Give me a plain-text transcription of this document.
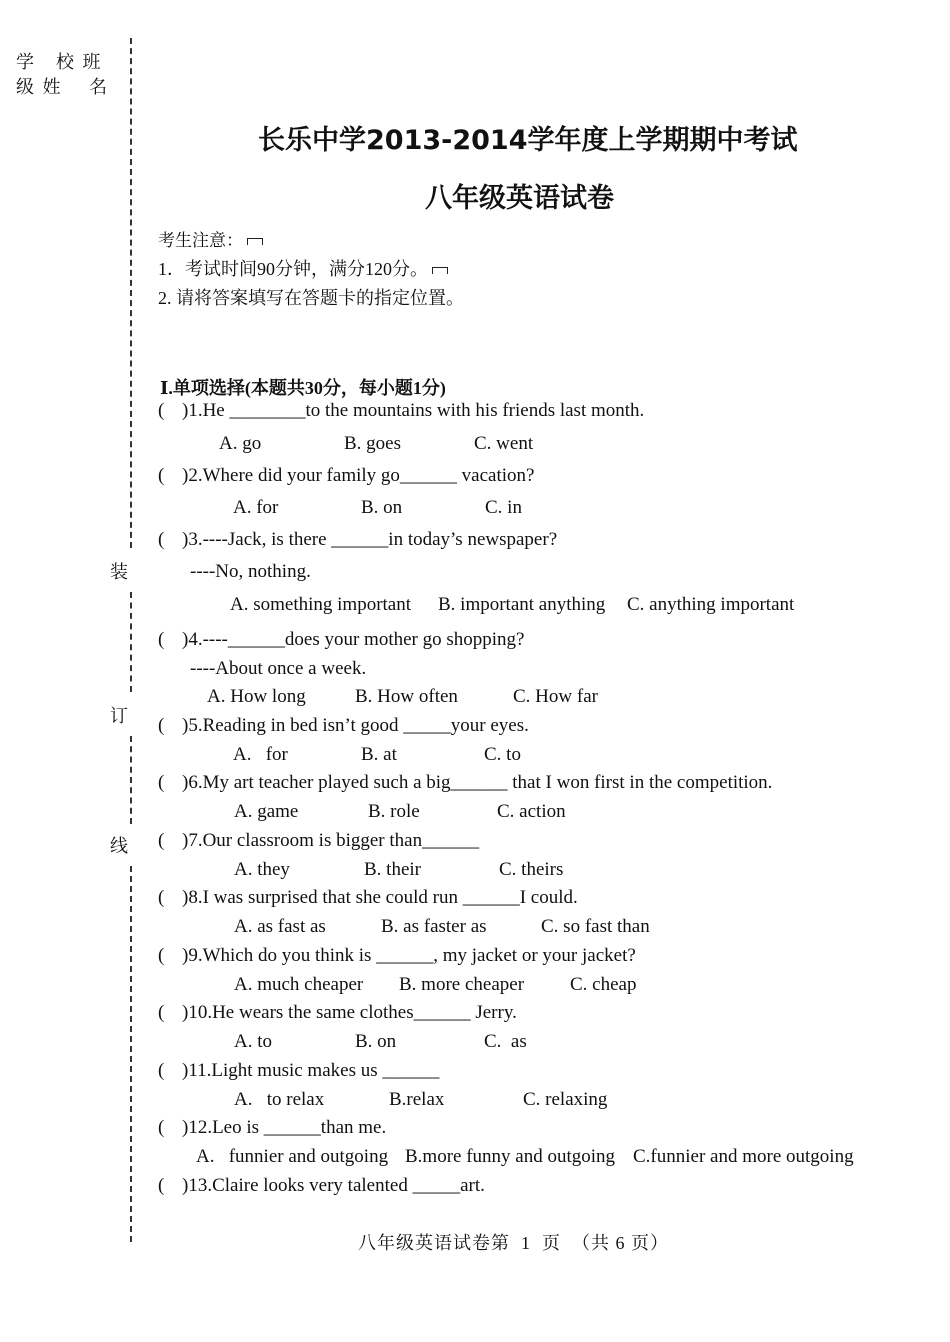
学　校 班
级 姓　 名
装
订
线
长乐中学2013-2014学年度上学期期中考试
八年级英语试卷
考生注意：
1．考试时间90分钟，满分120分。
2. 请将答案填写在答题卡的指定位置。
Ⅰ.单项选择(本题共30分，每小题1分)
( )1.He ________to the mountains with his friends last month.
A. go	B. goes	C. went
( )2.Where did your family go______ vacation?
A. for	B. on	C. in
( )3.----Jack, is there ______in today’s newspaper?
----No, nothing.
A. something important B. important anything C. anything important
( )4.----______does your mother go shopping?
----About once a week.
A. How long	B. How often	C. How far
( )5.Reading in bed isn’t good _____your eyes.
A.   for	B. at	C. to
( )6.My art teacher played such a big______ that I won first in the competition.
A. game	B. role	C. action
( )7.Our classroom is bigger than______
A. they	B. their	C. theirs
( )8.I was surprised that she could run ______I could.
A. as fast as	B. as faster as	C. so fast than
( )9.Which do you think is ______, my jacket or your jacket?
A. much cheaper B. more cheaper C. cheap
( )10.He wears the same clothes______ Jerry.
A. to	B. on	C.  as
( )11.Light music makes us ______
A.   to relax	B.relax	C. relaxing
( )12.Leo is ______than me.
A.   funnier and outgoing B.more funny and outgoing C.funnier and more outgoing
( )13.Claire looks very talented _____art.
八年级英语试卷第  1  页  （共 6 页）
